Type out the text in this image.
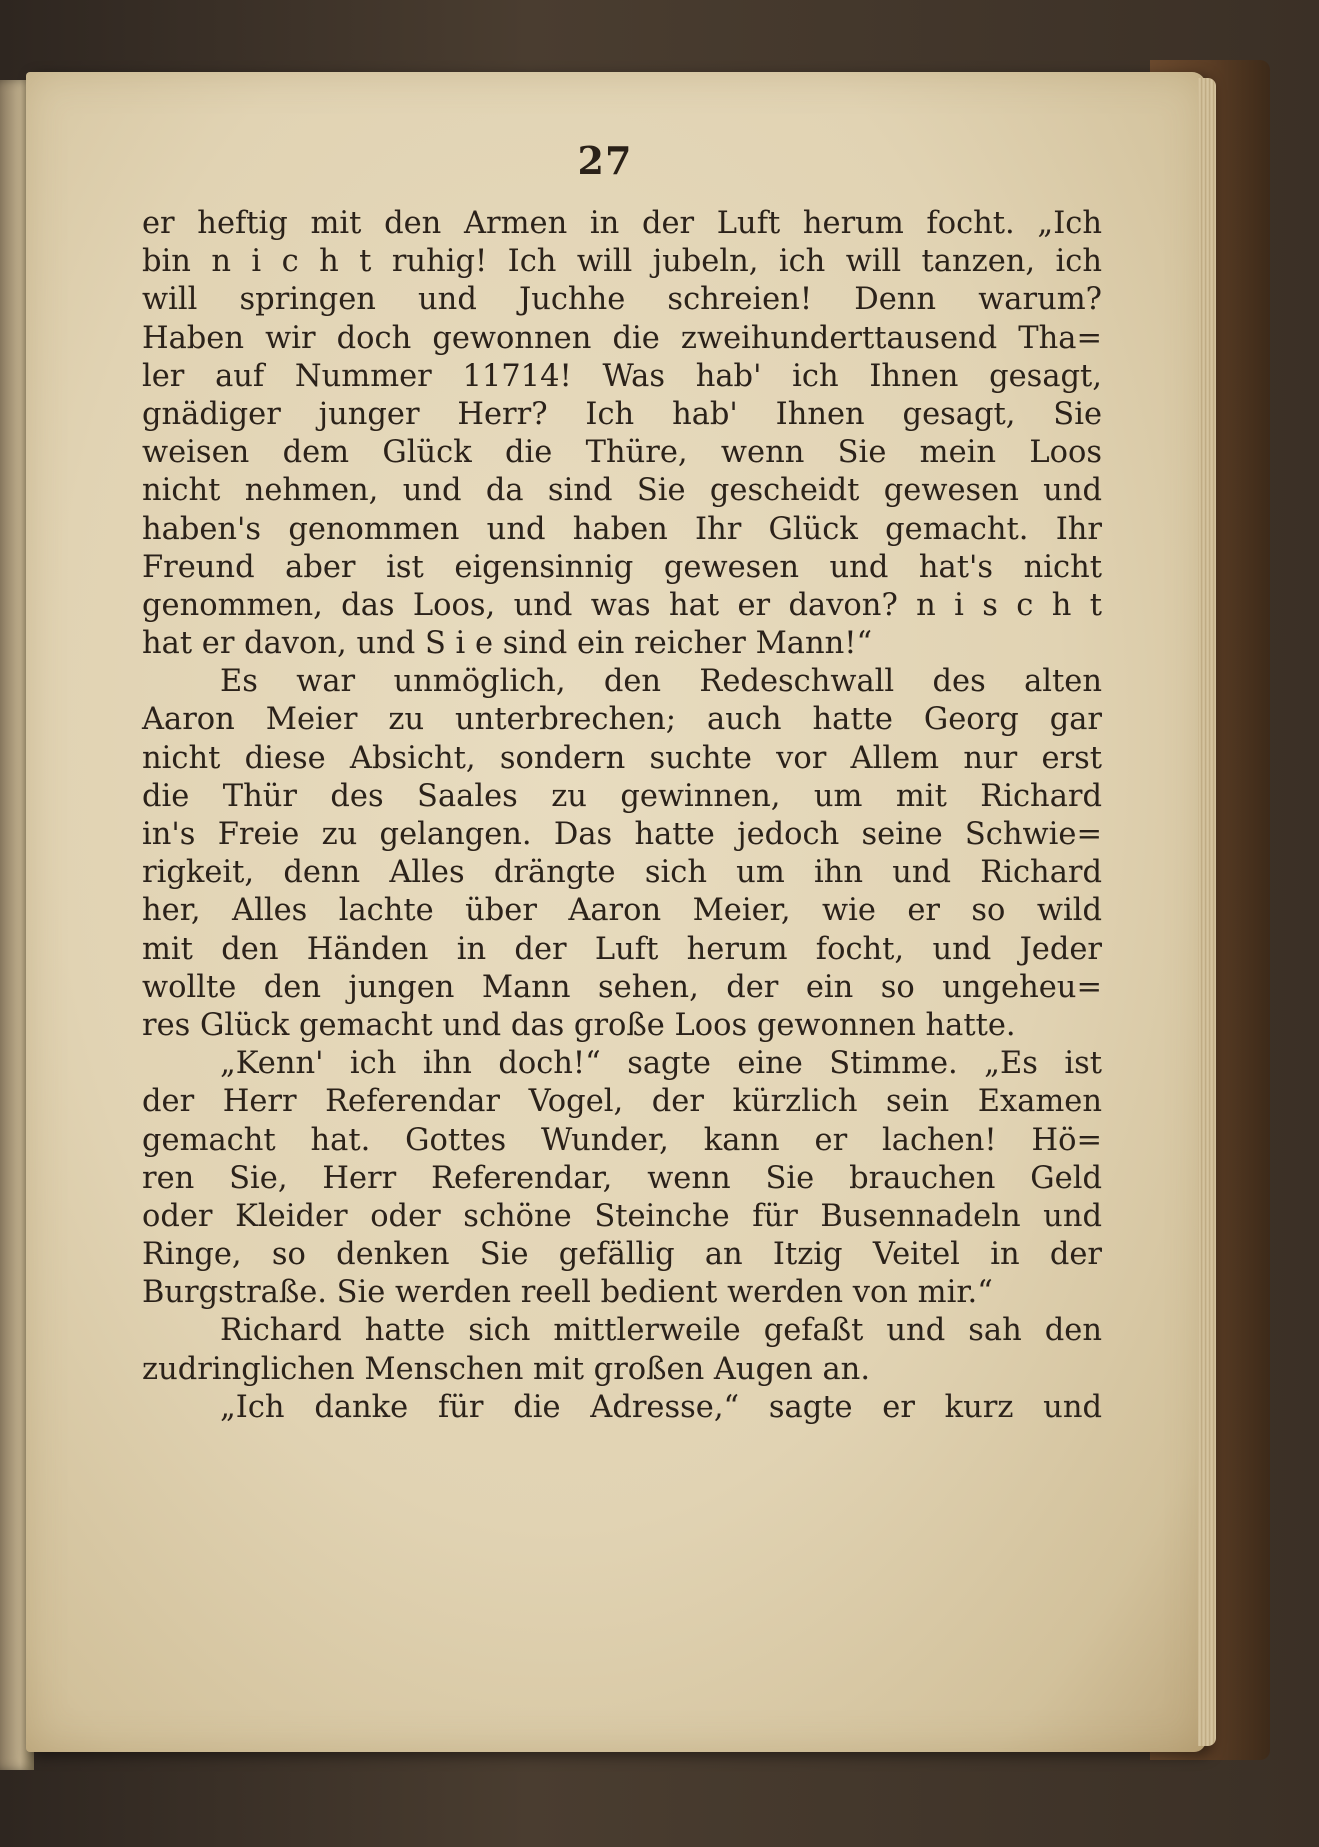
27
er heftig mit den Armen in der Luft herum focht. „Ich
bin n i c h t ruhig! Ich will jubeln, ich will tanzen, ich
will springen und Juchhe schreien! Denn warum?
Haben wir doch gewonnen die zweihunderttausend Tha=
ler auf Nummer 11714! Was hab' ich Ihnen gesagt,
gnädiger junger Herr? Ich hab' Ihnen gesagt, Sie
weisen dem Glück die Thüre, wenn Sie mein Loos
nicht nehmen, und da sind Sie gescheidt gewesen und
haben's genommen und haben Ihr Glück gemacht. Ihr
Freund aber ist eigensinnig gewesen und hat's nicht
genommen, das Loos, und was hat er davon? n i s c h t
hat er davon, und S i e sind ein reicher Mann!“
Es war unmöglich, den Redeschwall des alten
Aaron Meier zu unterbrechen; auch hatte Georg gar
nicht diese Absicht, sondern suchte vor Allem nur erst
die Thür des Saales zu gewinnen, um mit Richard
in's Freie zu gelangen. Das hatte jedoch seine Schwie=
rigkeit, denn Alles drängte sich um ihn und Richard
her, Alles lachte über Aaron Meier, wie er so wild
mit den Händen in der Luft herum focht, und Jeder
wollte den jungen Mann sehen, der ein so ungeheu=
res Glück gemacht und das große Loos gewonnen hatte.
„Kenn' ich ihn doch!“ sagte eine Stimme. „Es ist
der Herr Referendar Vogel, der kürzlich sein Examen
gemacht hat. Gottes Wunder, kann er lachen! Hö=
ren Sie, Herr Referendar, wenn Sie brauchen Geld
oder Kleider oder schöne Steinche für Busennadeln und
Ringe, so denken Sie gefällig an Itzig Veitel in der
Burgstraße. Sie werden reell bedient werden von mir.“
Richard hatte sich mittlerweile gefaßt und sah den
zudringlichen Menschen mit großen Augen an.
„Ich danke für die Adresse,“ sagte er kurz und
